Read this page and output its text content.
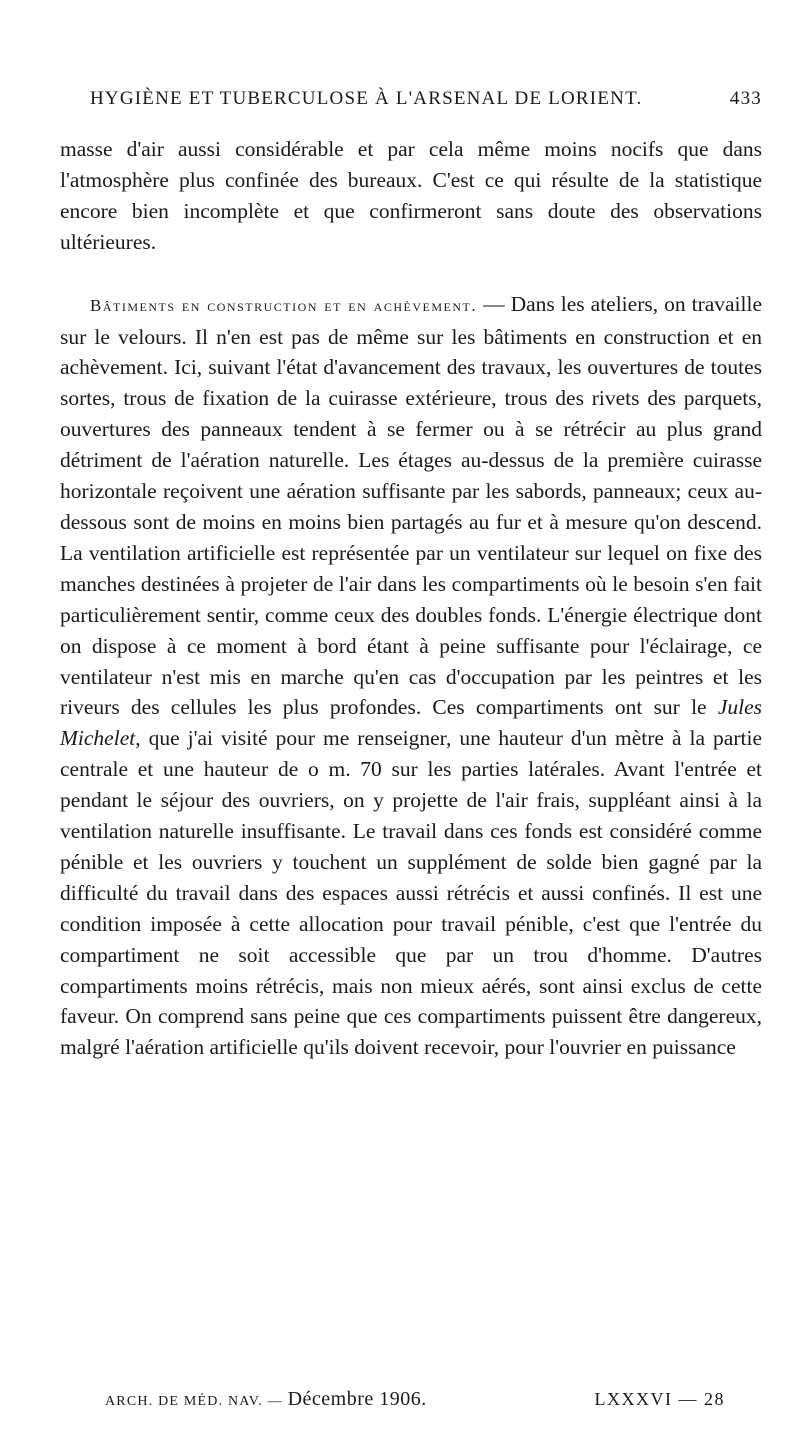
HYGIÈNE ET TUBERCULOSE À L'ARSENAL DE LORIENT.	433

masse d'air aussi considérable et par cela même moins nocifs que dans l'atmosphère plus confinée des bureaux. C'est ce qui résulte de la statistique encore bien incomplète et que confirmeront sans doute des observations ultérieures.

Bâtiments en construction et en achèvement. — Dans les ateliers, on travaille sur le velours. Il n'en est pas de même sur les bâtiments en construction et en achèvement. Ici, suivant l'état d'avancement des travaux, les ouvertures de toutes sortes, trous de fixation de la cuirasse extérieure, trous des rivets des parquets, ouvertures des panneaux tendent à se fermer ou à se rétrécir au plus grand détriment de l'aération naturelle. Les étages au-dessus de la première cuirasse horizontale reçoivent une aération suffisante par les sabords, panneaux; ceux au-dessous sont de moins en moins bien partagés au fur et à mesure qu'on descend. La ventilation artificielle est représentée par un ventilateur sur lequel on fixe des manches destinées à projeter de l'air dans les compartiments où le besoin s'en fait particulièrement sentir, comme ceux des doubles fonds. L'énergie électrique dont on dispose à ce moment à bord étant à peine suffisante pour l'éclairage, ce ventilateur n'est mis en marche qu'en cas d'occupation par les peintres et les riveurs des cellules les plus profondes. Ces compartiments ont sur le Jules Michelet, que j'ai visité pour me renseigner, une hauteur d'un mètre à la partie centrale et une hauteur de o m. 70 sur les parties latérales. Avant l'entrée et pendant le séjour des ouvriers, on y projette de l'air frais, suppléant ainsi à la ventilation naturelle insuffisante. Le travail dans ces fonds est considéré comme pénible et les ouvriers y touchent un supplément de solde bien gagné par la difficulté du travail dans des espaces aussi rétrécis et aussi confinés. Il est une condition imposée à cette allocation pour travail pénible, c'est que l'entrée du compartiment ne soit accessible que par un trou d'homme. D'autres compartiments moins rétrécis, mais non mieux aérés, sont ainsi exclus de cette faveur. On comprend sans peine que ces compartiments puissent être dangereux, malgré l'aération artificielle qu'ils doivent recevoir, pour l'ouvrier en puissance

ARCH. DE MÉD. NAV. — Décembre 1906.	LXXXVI — 28
